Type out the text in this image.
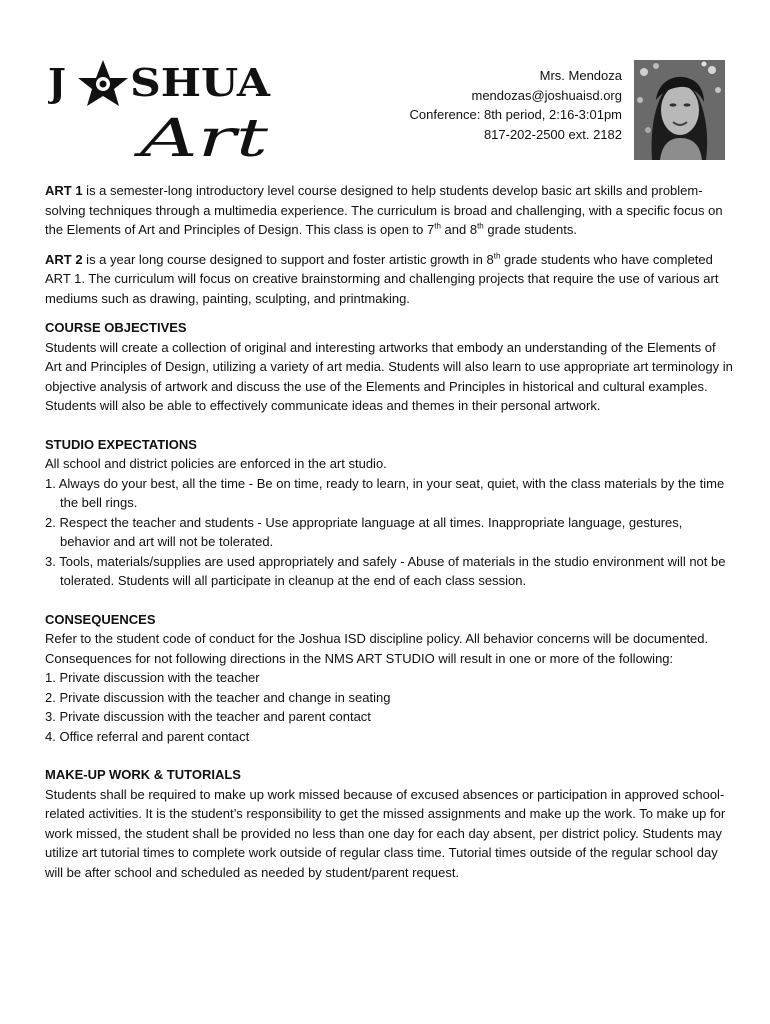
J SHUA
Art
Mrs. Mendoza
mendozas@joshuaisd.org
Conference: 8th period, 2:16-3:01pm
817-202-2500 ext. 2182

ART 1 is a semester-long introductory level course designed to help students develop basic art skills and problem-solving techniques through a multimedia experience. The curriculum is broad and challenging, with a specific focus on the Elements of Art and Principles of Design. This class is open to 7th and 8th grade students.

ART 2 is a year long course designed to support and foster artistic growth in 8th grade students who have completed ART 1. The curriculum will focus on creative brainstorming and challenging projects that require the use of various art mediums such as drawing, painting, sculpting, and printmaking.

COURSE OBJECTIVES

Students will create a collection of original and interesting artworks that embody an understanding of the Elements of Art and Principles of Design, utilizing a variety of art media. Students will also learn to use appropriate art terminology in objective analysis of artwork and discuss the use of the Elements and Principles in historical and cultural examples. Students will also be able to effectively communicate ideas and themes in their personal artwork.

STUDIO EXPECTATIONS

All school and district policies are enforced in the art studio.

1. Always do your best, all the time - Be on time, ready to learn, in your seat, quiet, with the class materials by the time the bell rings.

2. Respect the teacher and students - Use appropriate language at all times. Inappropriate language, gestures, behavior and art will not be tolerated.

3. Tools, materials/supplies are used appropriately and safely - Abuse of materials in the studio environment will not be tolerated. Students will all participate in cleanup at the end of each class session.

CONSEQUENCES

Refer to the student code of conduct for the Joshua ISD discipline policy. All behavior concerns will be documented. Consequences for not following directions in the NMS ART STUDIO will result in one or more of the following:

1. Private discussion with the teacher

2. Private discussion with the teacher and change in seating

3. Private discussion with the teacher and parent contact

4. Office referral and parent contact

MAKE-UP WORK & TUTORIALS

Students shall be required to make up work missed because of excused absences or participation in approved school-related activities. It is the student’s responsibility to get the missed assignments and make up the work. To make up for work missed, the student shall be provided no less than one day for each day absent, per district policy. Students may utilize art tutorial times to complete work outside of regular class time. Tutorial times outside of the regular school day will be after school and scheduled as needed by student/parent request.
